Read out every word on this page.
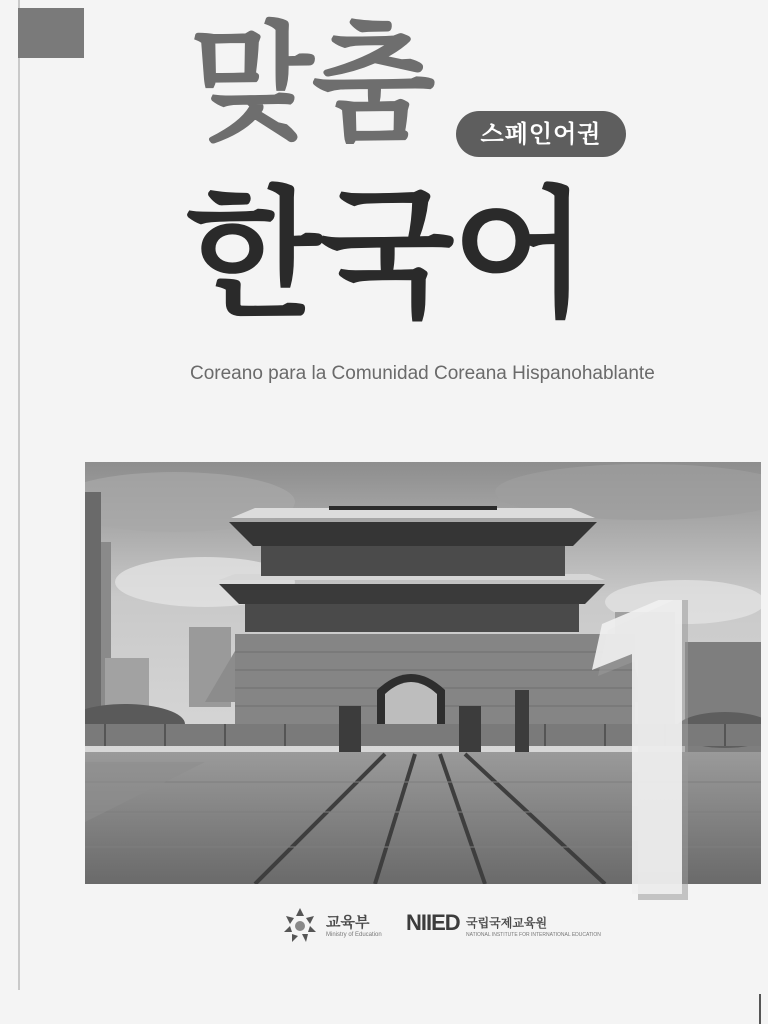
맞춤	스페인어권
한국어
Coreano para la Comunidad Coreana Hispanohablante
1
교육부
Ministry of Education NIIED 국립국제교육원
NATIONAL INSTITUTE FOR INTERNATIONAL EDUCATION
